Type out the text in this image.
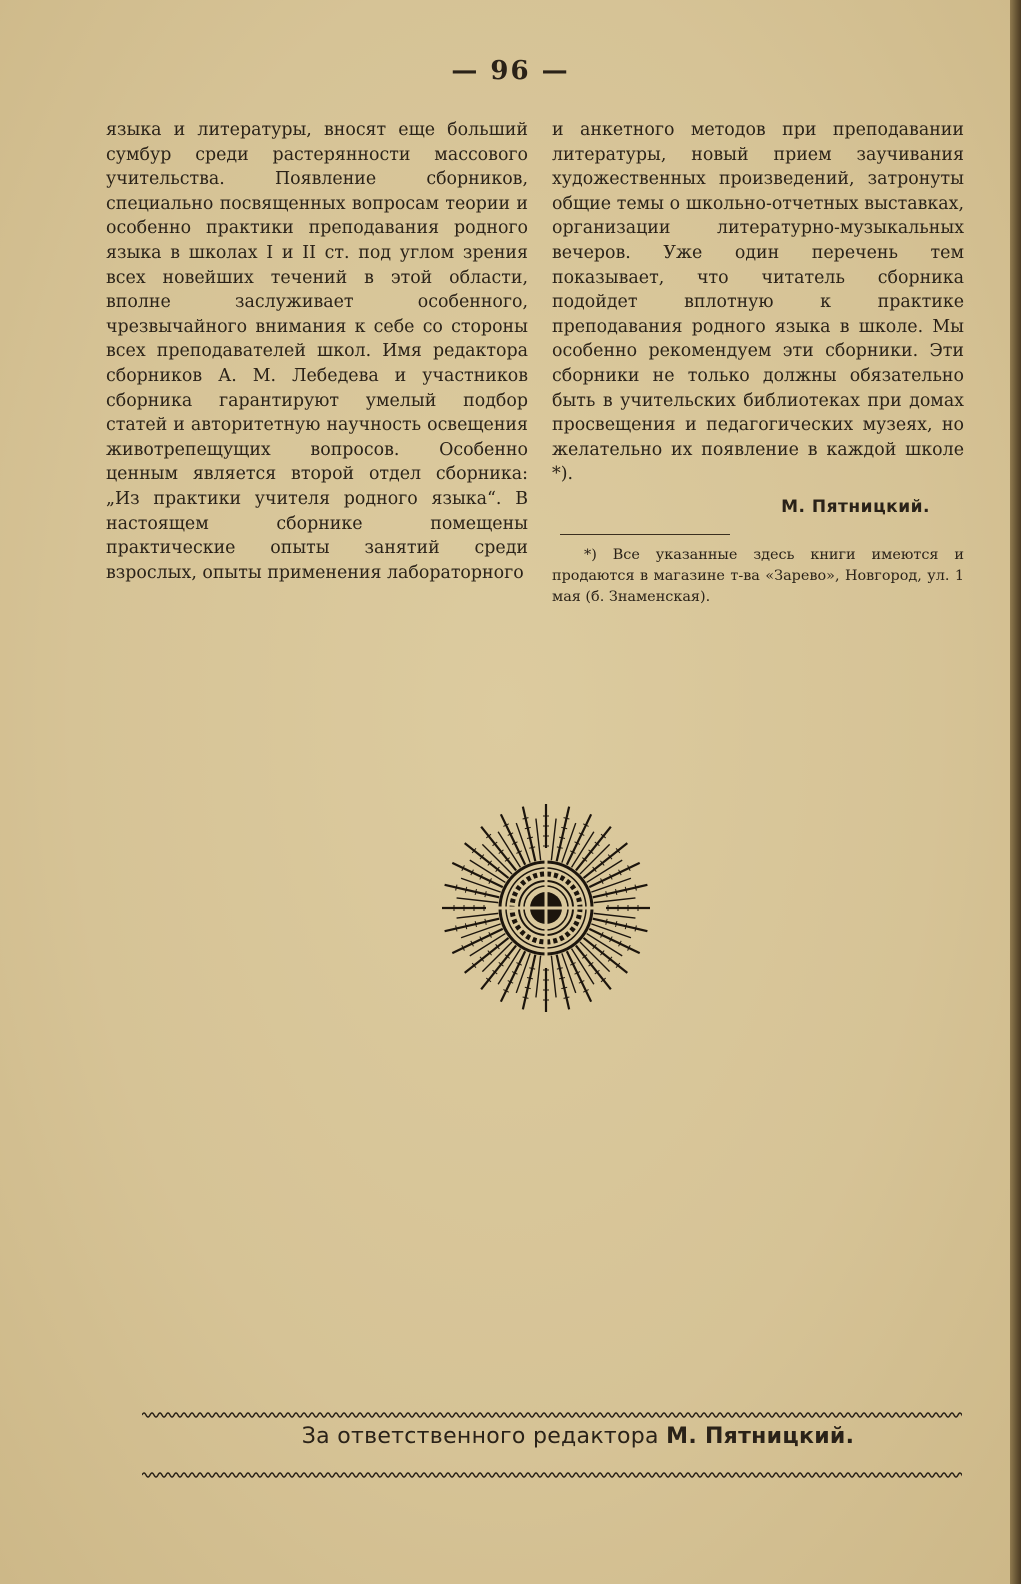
— 96 —

языка и литературы, вносят еще больший сумбур среди растерянности массового учительства. Появление сборников, специально посвященных вопросам теории и особенно практики преподавания родного языка в школах I и II ст. под углом зрения всех новейших течений в этой области, вполне заслуживает особенного, чрезвычайного внимания к себе со стороны всех преподавателей школ. Имя редактора сборников А. М. Лебедева и участников сборника гарантируют умелый подбор статей и авторитетную научность освещения животрепещущих вопросов. Особенно ценным является второй отдел сборника: „Из практики учителя родного языка“. В настоящем сборнике помещены практические опыты занятий среди взрослых, опыты применения лабораторного

и анкетного методов при преподавании литературы, новый прием заучивания художественных произведений, затронуты общие темы о школьно-отчетных выставках, организации литературно-музыкальных вечеров. Уже один перечень тем показывает, что читатель сборника подойдет вплотную к практике преподавания родного языка в школе. Мы особенно рекомендуем эти сборники. Эти сборники не только должны обязательно быть в учительских библиотеках при домах просвещения и педагогических музеях, но желательно их появление в каждой школе *).

М. Пятницкий.
*) Все указанные здесь книги имеются и продаются в магазине т-ва «Зарево», Новгород, ул. 1 мая (б. Знаменская).
За ответственного редактора М. Пятницкий.
